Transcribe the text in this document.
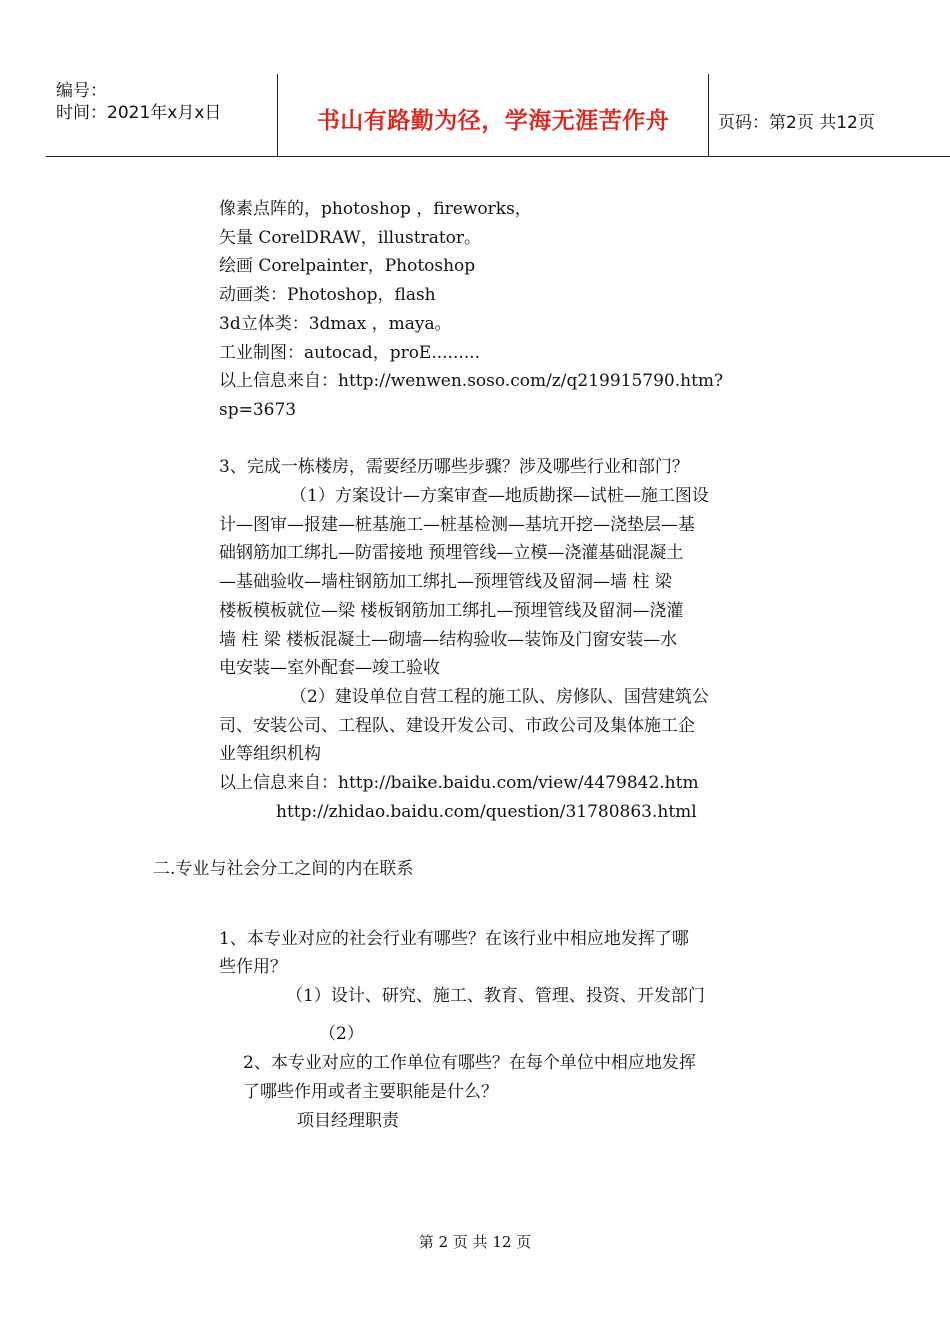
编号：
时间：2021年x月x日	书山有路勤为径，学海无涯苦作舟	页码：第2页 共12页
像素点阵的，photoshop ，fireworks，
矢量 CorelDRAW，illustrator。
绘画 Corelpainter，Photoshop
动画类：Photoshop，flash
3d立体类：3dmax ，maya。
工业制图：autocad，proE.........
以上信息来自：http://wenwen.soso.com/z/q219915790.htm?
sp=3673
3、完成一栋楼房，需要经历哪些步骤？涉及哪些行业和部门？
（1）方案设计—方案审查—地质勘探—试桩—施工图设
计—图审—报建—桩基施工—桩基检测—基坑开挖—浇垫层—基
础钢筋加工绑扎—防雷接地 预埋管线—立模—浇灌基础混凝土
—基础验收—墙柱钢筋加工绑扎—预埋管线及留洞—墙 柱 梁
楼板模板就位—梁 楼板钢筋加工绑扎—预埋管线及留洞—浇灌
墙 柱 梁 楼板混凝土—砌墙—结构验收—装饰及门窗安装—水
电安装—室外配套—竣工验收
（2）建设单位自营工程的施工队、房修队、国营建筑公
司、安装公司、工程队、建设开发公司、市政公司及集体施工企
业等组织机构
以上信息来自：http://baike.baidu.com/view/4479842.htm
http://zhidao.baidu.com/question/31780863.html
二.专业与社会分工之间的内在联系
1、本专业对应的社会行业有哪些？在该行业中相应地发挥了哪
些作用？
（1）设计、研究、施工、教育、管理、投资、开发部门
（2）
2、本专业对应的工作单位有哪些？在每个单位中相应地发挥
了哪些作用或者主要职能是什么？
项目经理职责
第 2 页 共 12 页
